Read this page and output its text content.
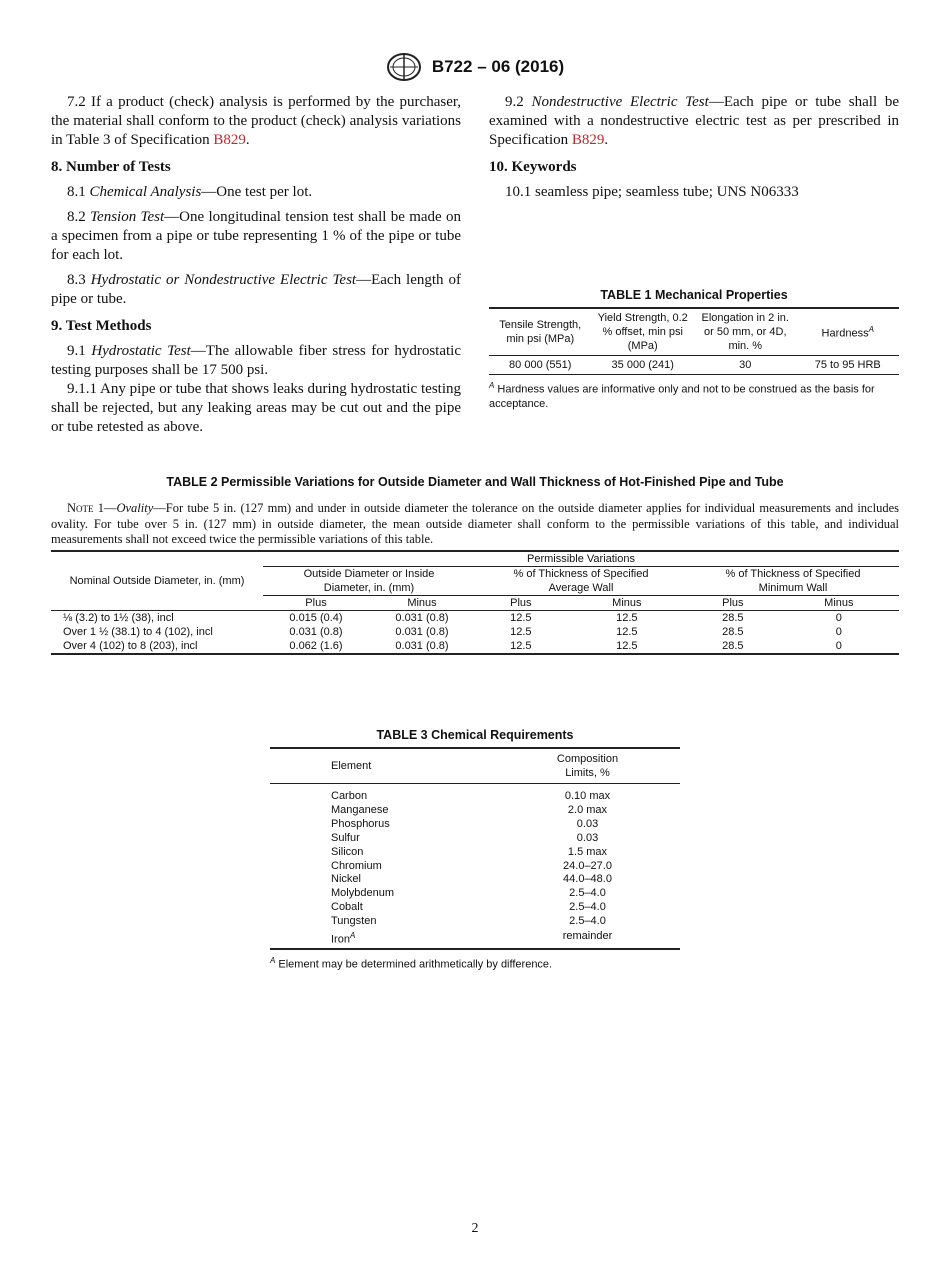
B722 – 06 (2016)

7.2 If a product (check) analysis is performed by the purchaser, the material shall conform to the product (check) analysis variations in Table 3 of Specification B829.

8. Number of Tests

8.1 Chemical Analysis—One test per lot.

8.2 Tension Test—One longitudinal tension test shall be made on a specimen from a pipe or tube representing 1 % of the pipe or tube for each lot.

8.3 Hydrostatic or Nondestructive Electric Test—Each length of pipe or tube.

9. Test Methods

9.1 Hydrostatic Test—The allowable fiber stress for hydrostatic testing purposes shall be 17 500 psi.

9.1.1 Any pipe or tube that shows leaks during hydrostatic testing shall be rejected, but any leaking areas may be cut out and the pipe or tube retested as above.

9.2 Nondestructive Electric Test—Each pipe or tube shall be examined with a nondestructive electric test as per prescribed in Specification B829.

10. Keywords

10.1 seamless pipe; seamless tube; UNS N06333

TABLE 1 Mechanical Properties
Tensile Strength, min psi (MPa)	Yield Strength, 0.2 % offset, min psi (MPa)	Elongation in 2 in. or 50 mm, or 4D, min. %	Hardness$^A$
80 000 (551)	35 000 (241)	30	75 to 95 HRB
$^A$ Hardness values are informative only and not to be construed as the basis for acceptance.
TABLE 2 Permissible Variations for Outside Diameter and Wall Thickness of Hot-Finished Pipe and Tube
Note 1—Ovality—For tube 5 in. (127 mm) and under in outside diameter the tolerance on the outside diameter applies for individual measurements and includes ovality. For tube over 5 in. (127 mm) in outside diameter, the mean outside diameter shall conform to the permissible variations of this table, and individual measurements shall not exceed twice the permissible variations of this table.
Nominal Outside Diameter, in. (mm)	Permissible Variations					

	Outside Diameter or Inside Diameter, in. (mm)		% of Thickness of Specified Average Wall		% of Thickness of Specified Minimum Wall	

	Plus	Minus	Plus	Minus	Plus	Minus
⅛ (3.2) to 1½ (38), incl	0.015 (0.4)	0.031 (0.8)	12.5	12.5	28.5	0
Over 1 ½ (38.1) to 4 (102), incl	0.031 (0.8)	0.031 (0.8)	12.5	12.5	28.5	0
Over 4 (102) to 8 (203), incl	0.062 (1.6)	0.031 (0.8)	12.5	12.5	28.5	0
TABLE 3 Chemical Requirements
Element	Composition Limits, %

Carbon	0.10 max
Manganese	2.0 max
Phosphorus	0.03
Sulfur	0.03
Silicon	1.5 max
Chromium	24.0–27.0
Nickel	44.0–48.0
Molybdenum	2.5–4.0
Cobalt	2.5–4.0
Tungsten	2.5–4.0
Iron$^A$	remainder
$^A$ Element may be determined arithmetically by difference.
2
